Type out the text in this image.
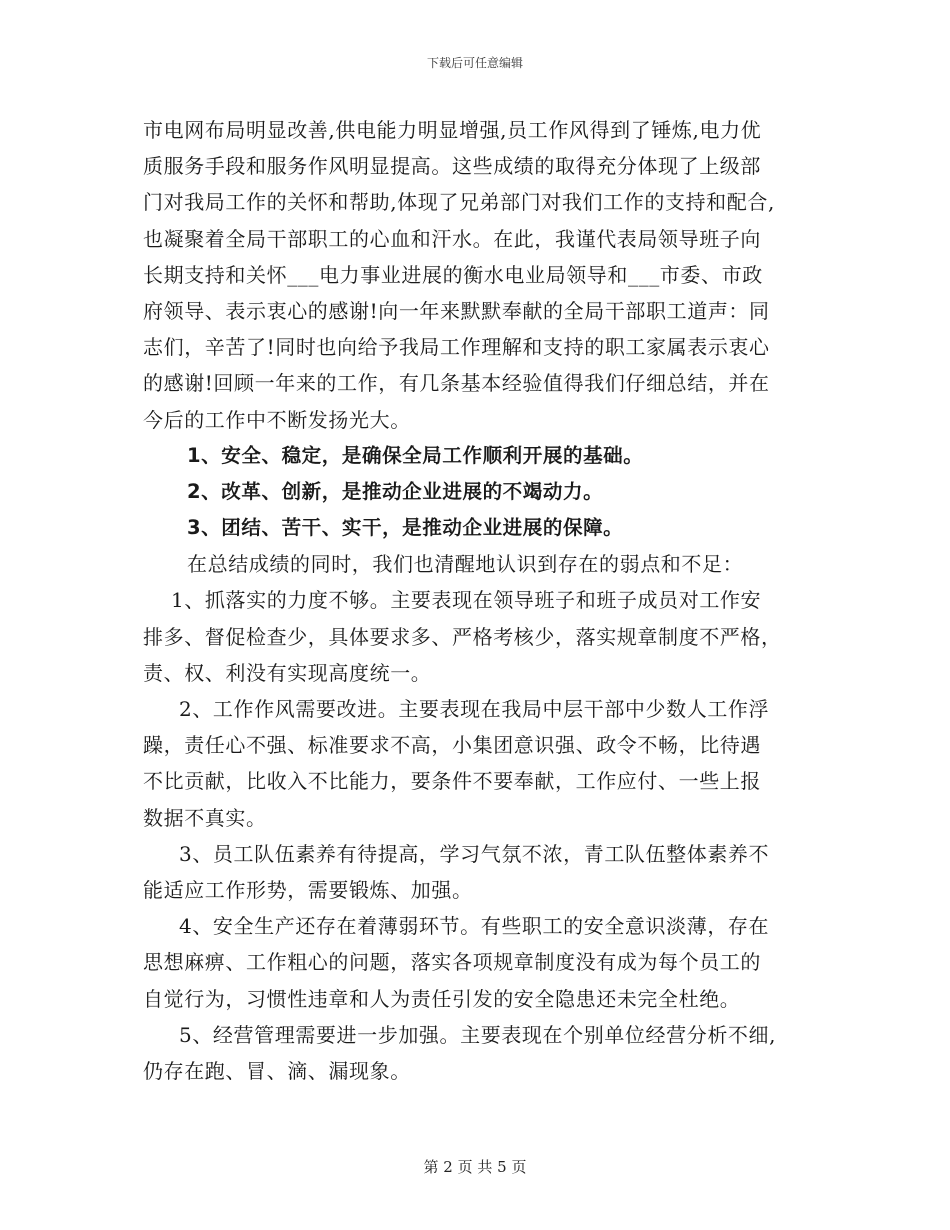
下载后可任意编辑
市电网布局明显改善,供电能力明显增强,员工作风得到了锤炼,电力优
质服务手段和服务作风明显提高。这些成绩的取得充分体现了上级部
门对我局工作的关怀和帮助,体现了兄弟部门对我们工作的支持和配合,
也凝聚着全局干部职工的心血和汗水。在此，我谨代表局领导班子向
长期支持和关怀___电力事业进展的衡水电业局领导和___市委、市政
府领导、表示衷心的感谢!向一年来默默奉献的全局干部职工道声：同
志们，辛苦了!同时也向给予我局工作理解和支持的职工家属表示衷心
的感谢!回顾一年来的工作，有几条基本经验值得我们仔细总结，并在
今后的工作中不断发扬光大。
1、安全、稳定，是确保全局工作顺利开展的基础。
2、改革、创新，是推动企业进展的不竭动力。
3、团结、苦干、实干，是推动企业进展的保障。
在总结成绩的同时，我们也清醒地认识到存在的弱点和不足：
1、抓落实的力度不够。主要表现在领导班子和班子成员对工作安
排多、督促检查少，具体要求多、严格考核少，落实规章制度不严格，
责、权、利没有实现高度统一。
2、工作作风需要改进。主要表现在我局中层干部中少数人工作浮
躁，责任心不强、标准要求不高，小集团意识强、政令不畅，比待遇
不比贡献，比收入不比能力，要条件不要奉献，工作应付、一些上报
数据不真实。
3、员工队伍素养有待提高，学习气氛不浓，青工队伍整体素养不
能适应工作形势，需要锻炼、加强。
4、安全生产还存在着薄弱环节。有些职工的安全意识淡薄，存在
思想麻痹、工作粗心的问题，落实各项规章制度没有成为每个员工的
自觉行为，习惯性违章和人为责任引发的安全隐患还未完全杜绝。
5、经营管理需要进一步加强。主要表现在个别单位经营分析不细,
仍存在跑、冒、滴、漏现象。
第 2 页 共 5 页
